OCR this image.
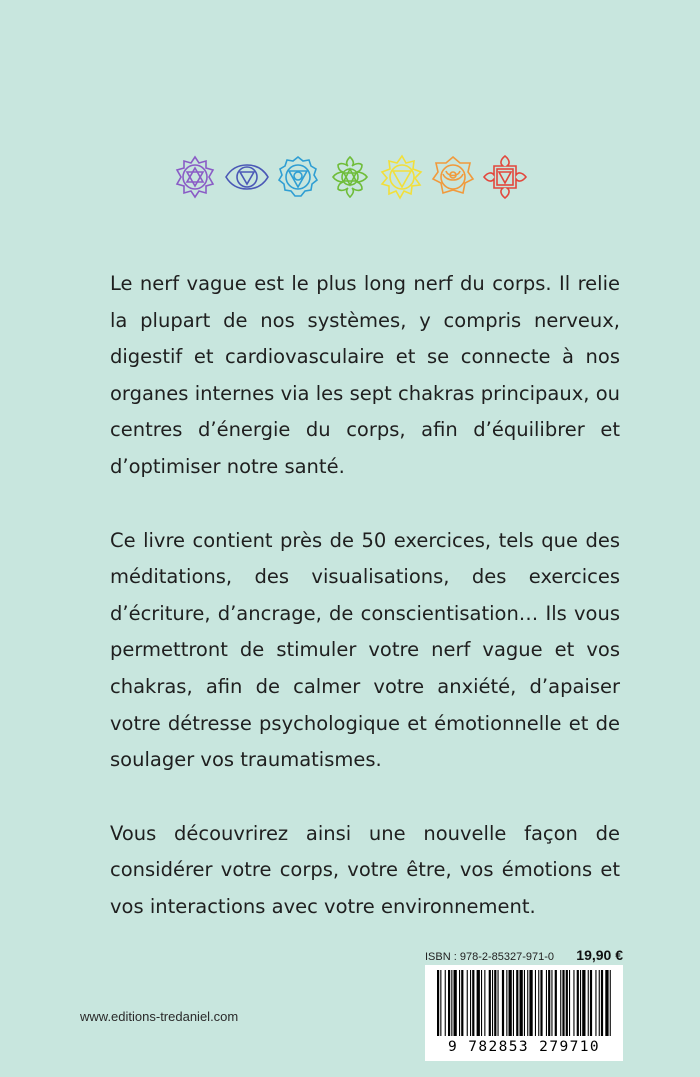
Le nerf vague est le plus long nerf du corps. Il relie la plupart de nos systèmes, y compris nerveux, digestif et cardiovasculaire et se connecte à nos organes internes via les sept chakras principaux, ou centres d’énergie du corps, afin d’équilibrer et d’optimiser notre santé.

Ce livre contient près de 50 exercices, tels que des méditations, des visualisations, des exercices d’écriture, d’ancrage, de conscientisation… Ils vous permettront de stimuler votre nerf vague et vos chakras, afin de calmer votre anxiété, d’apaiser votre détresse psychologique et émotionnelle et de soulager vos traumatismes.

Vous découvrirez ainsi une nouvelle façon de considérer votre corps, votre être, vos émotions et vos interactions avec votre environnement.

www.editions-tredaniel.com
ISBN : 978-2-85327-971-0 19,90 €
9 782853 279710
